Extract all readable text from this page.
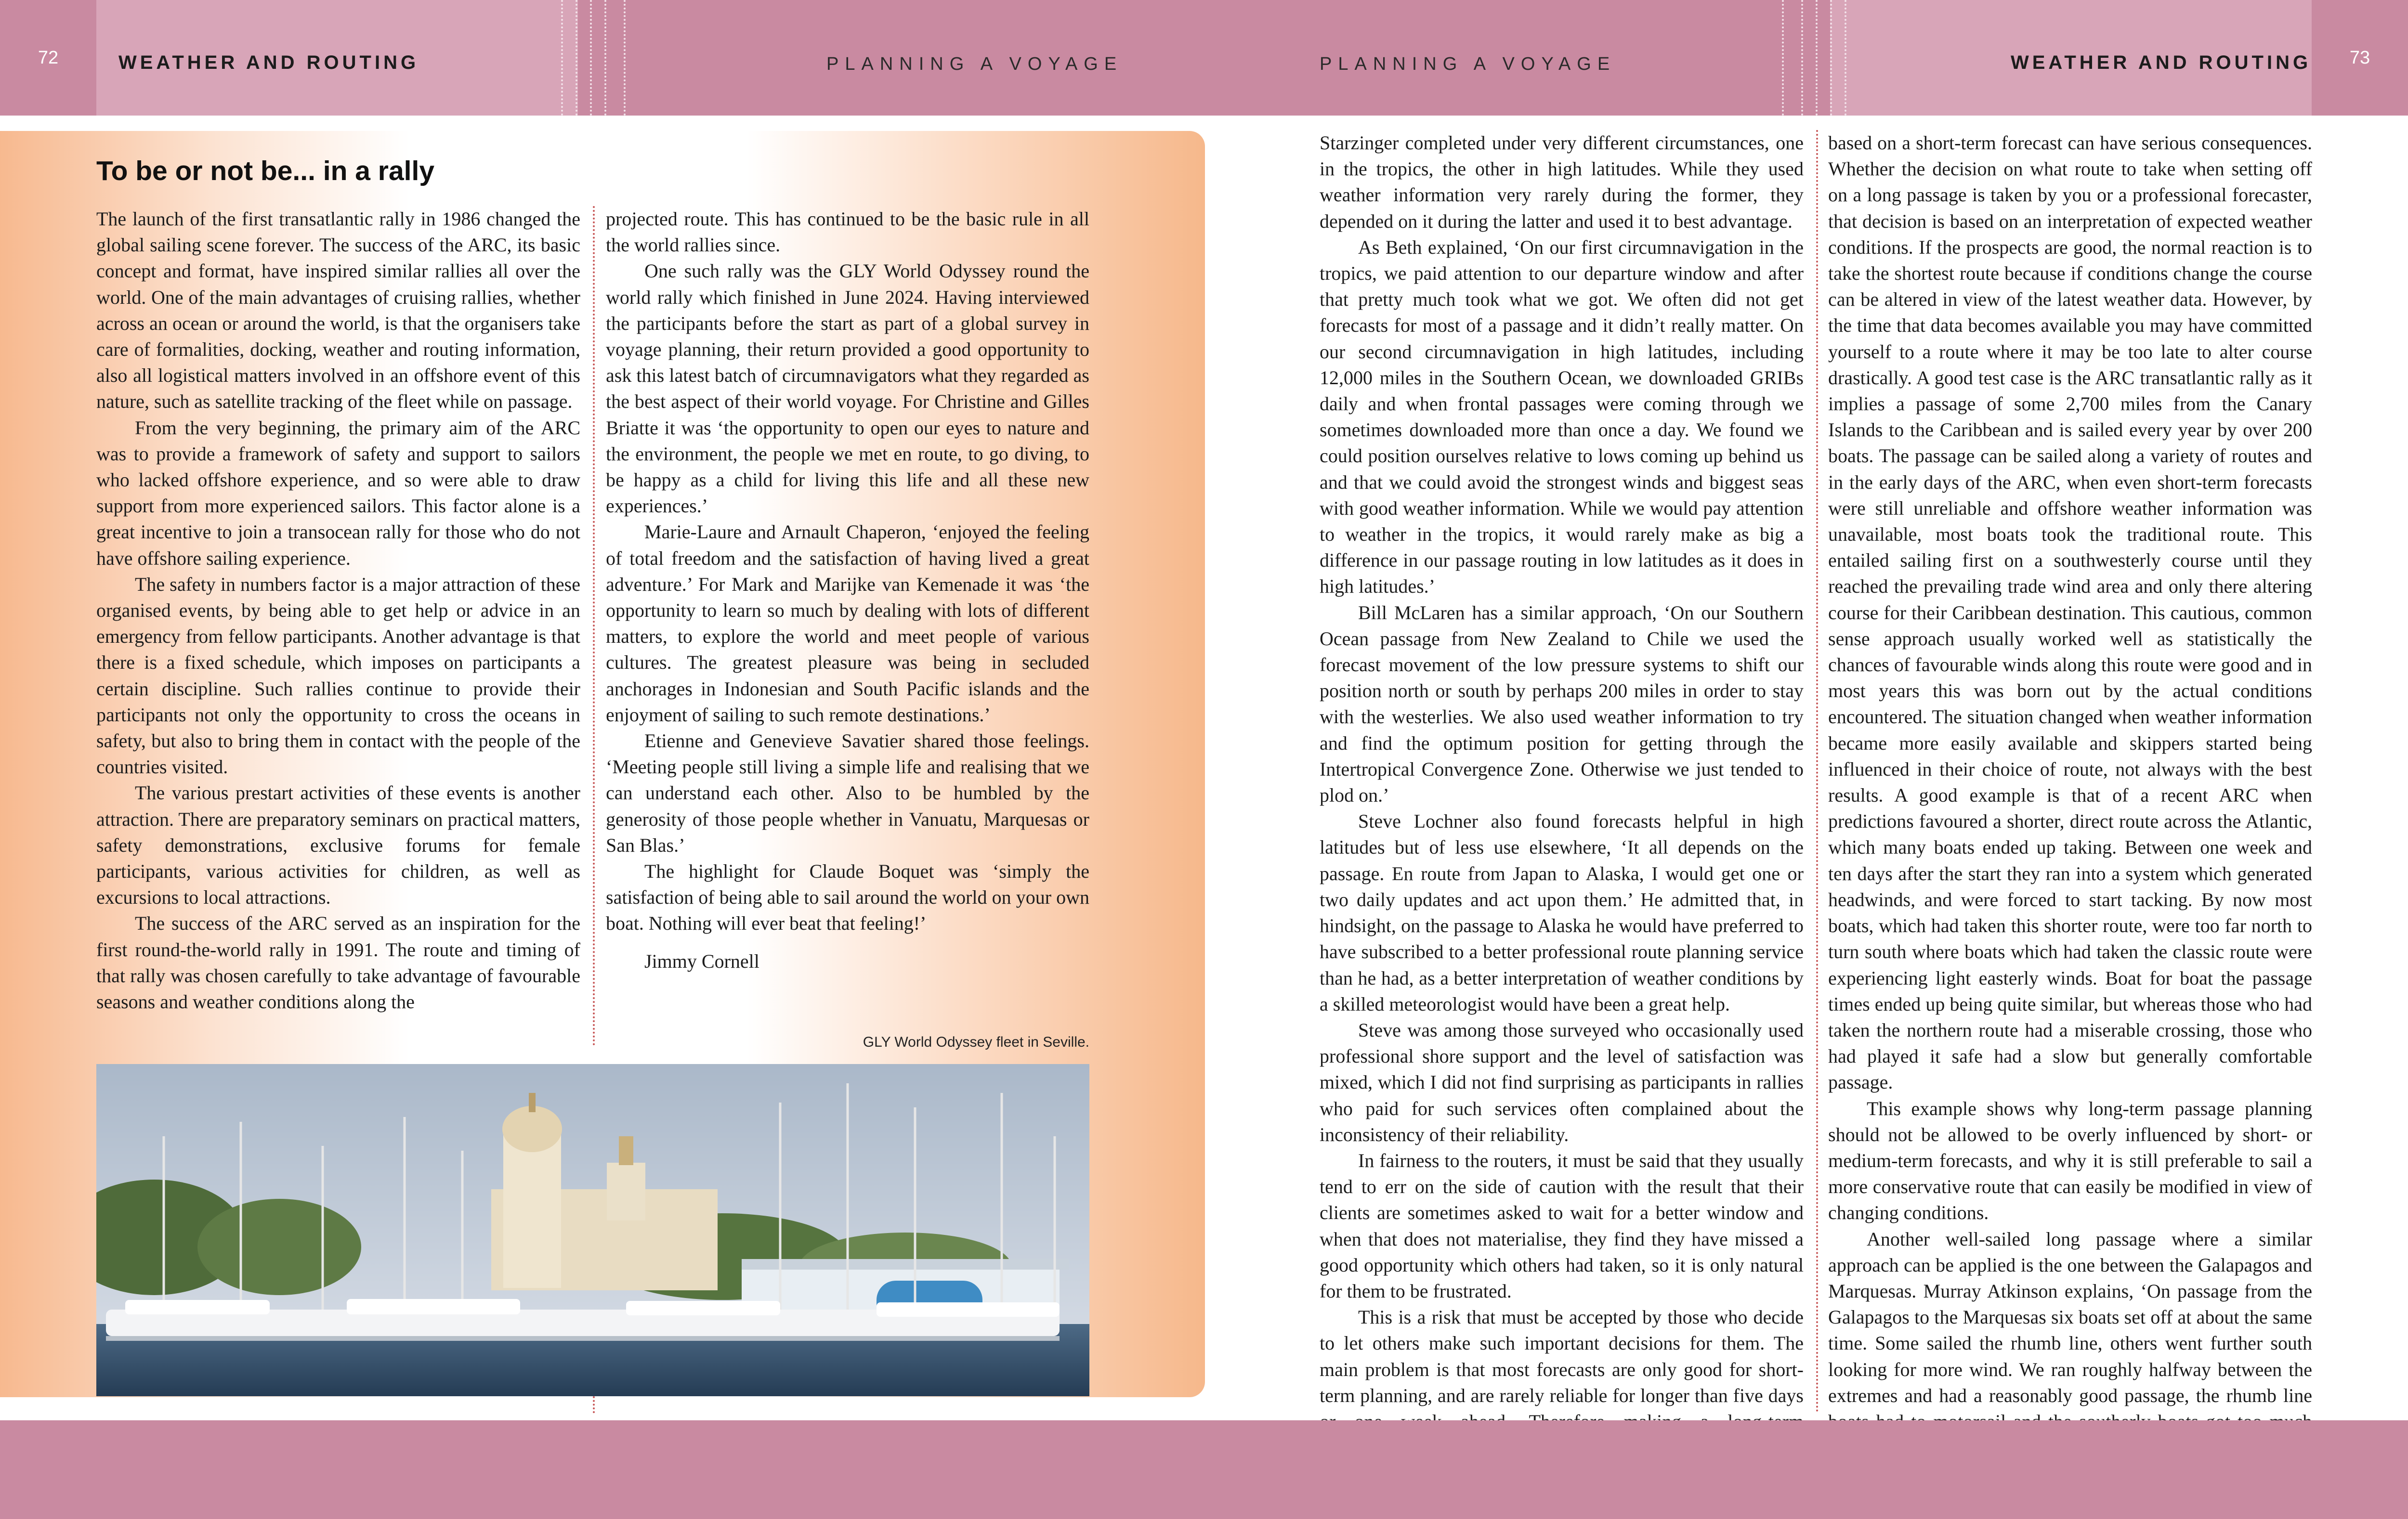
72	WEATHER AND ROUTING	PLANNING A VOYAGE	PLANNING A VOYAGE	WEATHER AND ROUTING	73
To be or not be... in a rally

The launch of the first transatlantic rally in 1986 changed the global sailing scene forever. The success of the ARC, its basic concept and format, have inspired similar rallies all over the world. One of the main advantages of cruising rallies, whether across an ocean or around the world, is that the organisers take care of formalities, docking, weather and routing information, also all logistical matters involved in an offshore event of this nature, such as satellite tracking of the fleet while on passage.

From the very beginning, the primary aim of the ARC was to provide a framework of safety and support to sailors who lacked offshore experience, and so were able to draw support from more experienced sailors. This factor alone is a great incentive to join a transocean rally for those who do not have offshore sailing experience.

The safety in numbers factor is a major attraction of these organised events, by being able to get help or advice in an emergency from fellow participants. Another advantage is that there is a fixed schedule, which imposes on participants a certain discipline. Such rallies continue to provide their participants not only the opportunity to cross the oceans in safety, but also to bring them in contact with the people of the countries visited.

The various prestart activities of these events is another attraction. There are preparatory seminars on practical matters, safety demonstrations, exclusive forums for female participants, various activities for children, as well as excursions to local attractions.

The success of the ARC served as an inspiration for the first round-the-world rally in 1991. The route and timing of that rally was chosen carefully to take advantage of favourable seasons and weather conditions along the

projected route. This has continued to be the basic rule in all the world rallies since.

One such rally was the GLY World Odyssey round the world rally which finished in June 2024. Having interviewed the participants before the start as part of a global survey in voyage planning, their return provided a good opportunity to ask this latest batch of circumnavigators what they regarded as the best aspect of their world voyage. For Christine and Gilles Briatte it was ‘the opportunity to open our eyes to nature and the environment, the people we met en route, to go diving, to be happy as a child for living this life and all these new experiences.’

Marie-Laure and Arnault Chaperon, ‘enjoyed the feeling of total freedom and the satisfaction of having lived a great adventure.’ For Mark and Marijke van Kemenade it was ‘the opportunity to learn so much by dealing with lots of different matters, to explore the world and meet people of various cultures. The greatest pleasure was being in secluded anchorages in Indonesian and South Pacific islands and the enjoyment of sailing to such remote destinations.’

Etienne and Genevieve Savatier shared those feelings. ‘Meeting people still living a simple life and realising that we can understand each other. Also to be humbled by the generosity of those people whether in Vanuatu, Marquesas or San Blas.’

The highlight for Claude Boquet was ‘simply the satisfaction of being able to sail around the world on your own boat. Nothing will ever beat that feeling!’

Jimmy Cornell

GLY World Odyssey fleet in Seville.

Starzinger completed under very different circumstances, one in the tropics, the other in high latitudes. While they used weather information very rarely during the former, they depended on it during the latter and used it to best advantage.

As Beth explained, ‘On our first circumnavigation in the tropics, we paid attention to our departure window and after that pretty much took what we got. We often did not get forecasts for most of a passage and it didn’t really matter. On our second circumnavigation in high latitudes, including 12,000 miles in the Southern Ocean, we downloaded GRIBs daily and when frontal passages were coming through we sometimes downloaded more than once a day. We found we could position ourselves relative to lows coming up behind us and that we could avoid the strongest winds and biggest seas with good weather information. While we would pay attention to weather in the tropics, it would rarely make as big a difference in our passage routing in low latitudes as it does in high latitudes.’

Bill McLaren has a similar approach, ‘On our Southern Ocean passage from New Zealand to Chile we used the forecast movement of the low pressure systems to shift our position north or south by perhaps 200 miles in order to stay with the westerlies. We also used weather information to try and find the optimum position for getting through the Intertropical Convergence Zone. Otherwise we just tended to plod on.’

Steve Lochner also found forecasts helpful in high latitudes but of less use elsewhere, ‘It all depends on the passage. En route from Japan to Alaska, I would get one or two daily updates and act upon them.’ He admitted that, in hindsight, on the passage to Alaska he would have preferred to have subscribed to a better professional route planning service than he had, as a better interpretation of weather conditions by a skilled meteorologist would have been a great help.

Steve was among those surveyed who occasionally used professional shore support and the level of satisfaction was mixed, which I did not find surprising as participants in rallies who paid for such services often complained about the inconsistency of their reliability.

In fairness to the routers, it must be said that they usually tend to err on the side of caution with the result that their clients are sometimes asked to wait for a better window and when that does not materialise, they find they have missed a good opportunity which others had taken, so it is only natural for them to be frustrated.

This is a risk that must be accepted by those who decide to let others make such important decisions for them. The main problem is that most forecasts are only good for short-term planning, and are rarely reliable for longer than five days

based on a short-term forecast can have serious consequences. Whether the decision on what route to take when setting off on a long passage is taken by you or a professional forecaster, that decision is based on an interpretation of expected weather conditions. If the prospects are good, the normal reaction is to take the shortest route because if conditions change the course can be altered in view of the latest weather data. However, by the time that data becomes available you may have committed yourself to a route where it may be too late to alter course drastically. A good test case is the ARC transatlantic rally as it implies a passage of some 2,700 miles from the Canary Islands to the Caribbean and is sailed every year by over 200 boats. The passage can be sailed along a variety of routes and in the early days of the ARC, when even short-term forecasts were still unreliable and offshore weather information was unavailable, most boats took the traditional route. This entailed sailing first on a southwesterly course until they reached the prevailing trade wind area and only there altering course for their Caribbean destination. This cautious, common sense approach usually worked well as statistically the chances of favourable winds along this route were good and in most years this was born out by the actual conditions encountered. The situation changed when weather information became more easily available and skippers started being influenced in their choice of route, not always with the best results. A good example is that of a recent ARC when predictions favoured a shorter, direct route across the Atlantic, which many boats ended up taking. Between one week and ten days after the start they ran into a system which generated headwinds, and were forced to start tacking. By now most boats, which had taken this shorter route, were too far north to turn south where boats which had taken the classic route were experiencing light easterly winds. Boat for boat the passage times ended up being quite similar, but whereas those who had taken the northern route had a miserable crossing, those who had played it safe had a slow but generally comfortable passage.

This example shows why long-term passage planning should not be allowed to be overly influenced by short- or medium-term forecasts, and why it is still preferable to sail a more conservative route that can easily be modified in view of changing conditions.

Another well-sailed long passage where a similar approach can be applied is the one between the Galapagos and Marquesas. Murray Atkinson explains, ‘On passage from the Galapagos to the Marquesas six boats set off at about the same time. Some sailed the rhumb line, others went further south looking for more wind. We ran roughly halfway between the extremes and had a reasonably good passage, the rhumb line
